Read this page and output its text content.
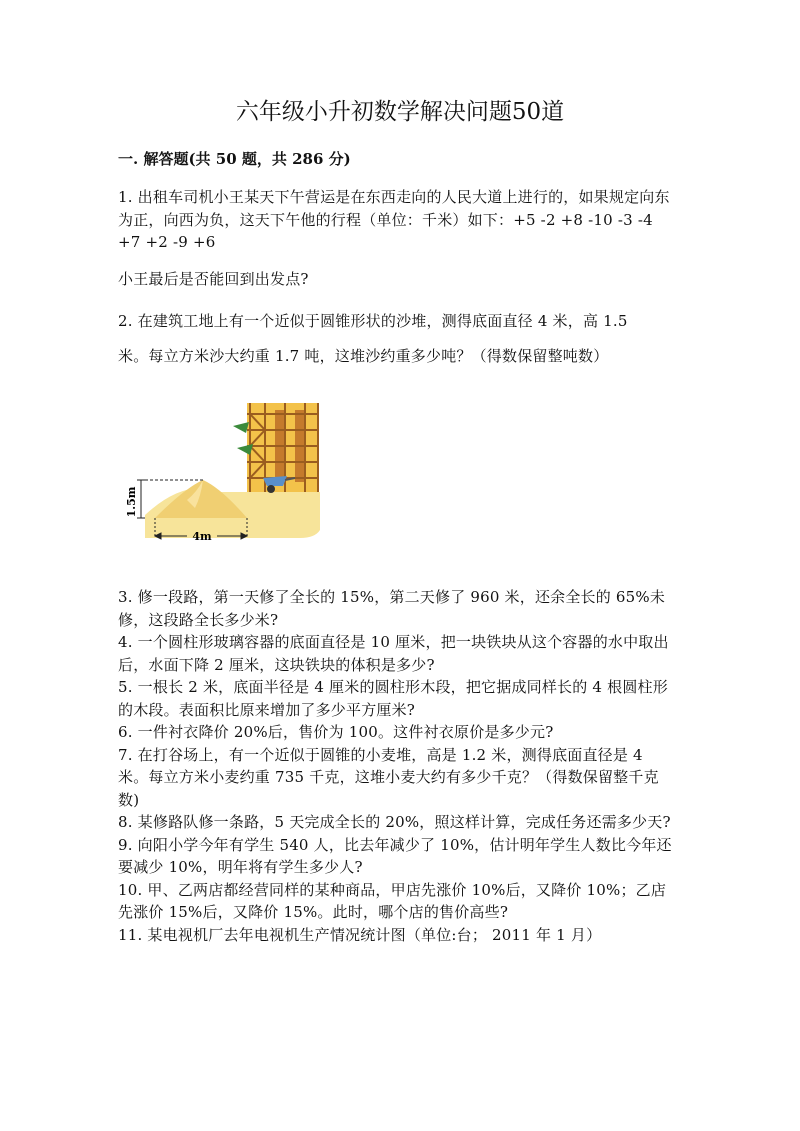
六年级小升初数学解决问题50道
一. 解答题(共 50 题，共 286 分)

1. 出租车司机小王某天下午营运是在东西走向的人民大道上进行的，如果规定向东为正，向西为负，这天下午他的行程（单位：千米）如下：+5 -2 +8 -10 -3 -4 +7 +2 -9 +6

小王最后是否能回到出发点?

2. 在建筑工地上有一个近似于圆锥形状的沙堆，测得底面直径 4 米，高 1.5

米。每立方米沙大约重 1.7 吨，这堆沙约重多少吨？（得数保留整吨数）

1.5m
4m

3. 修一段路，第一天修了全长的 15%，第二天修了 960 米，还余全长的 65%未修，这段路全长多少米?

4. 一个圆柱形玻璃容器的底面直径是 10 厘米，把一块铁块从这个容器的水中取出后，水面下降 2 厘米，这块铁块的体积是多少?

5. 一根长 2 米，底面半径是 4 厘米的圆柱形木段，把它据成同样长的 4 根圆柱形的木段。表面积比原来增加了多少平方厘米?

6. 一件衬衣降价 20%后，售价为 100。这件衬衣原价是多少元?

7. 在打谷场上，有一个近似于圆锥的小麦堆，高是 1.2 米，测得底面直径是 4 米。每立方米小麦约重 735 千克，这堆小麦大约有多少千克？（得数保留整千克数)

8. 某修路队修一条路，5 天完成全长的 20%，照这样计算，完成任务还需多少天?

9. 向阳小学今年有学生 540 人，比去年减少了 10%，估计明年学生人数比今年还要减少 10%，明年将有学生多少人?

10. 甲、乙两店都经营同样的某种商品，甲店先涨价 10%后，又降价 10%；乙店先涨价 15%后，又降价 15%。此时，哪个店的售价高些?

11. 某电视机厂去年电视机生产情况统计图（单位:台； 2011 年 1 月）
